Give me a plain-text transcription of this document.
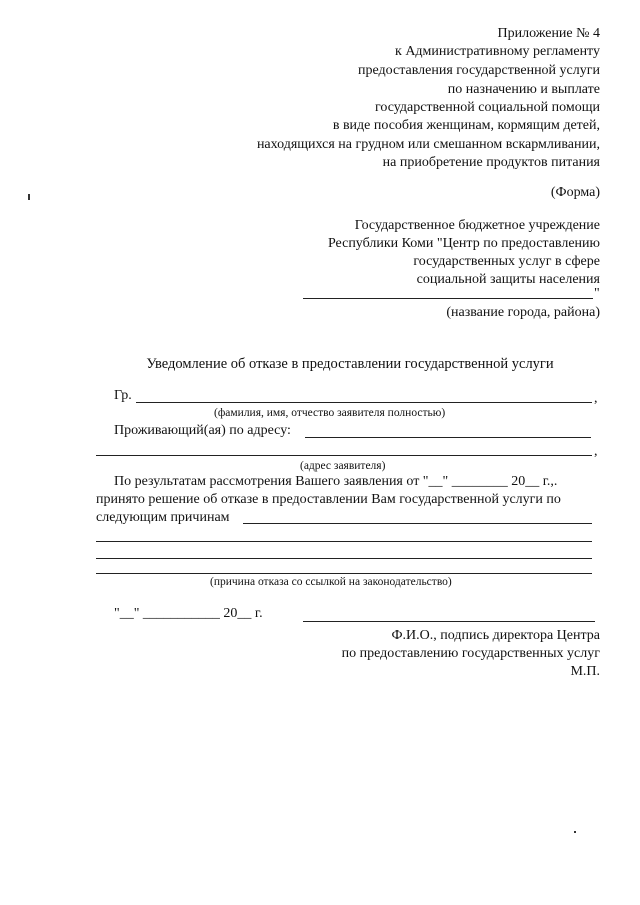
Приложение № 4
к Административному регламенту
предоставления государственной услуги
по назначению и выплате
государственной социальной помощи
в виде пособия женщинам, кормящим детей,
находящихся на грудном или смешанном вскармливании,
на приобретение продуктов питания
(Форма)
Государственное бюджетное учреждение
Республики Коми "Центр по предоставлению
государственных услуг в сфере
социальной защиты населения
"
(название города, района)
Уведомление об отказе в предоставлении государственной услуги
Гр.	,
(фамилия, имя, отчество заявителя полностью)
Проживающий(ая) по адресу:
,
(адрес заявителя)
По результатам рассмотрения Вашего заявления от "__" ________ 20__ г.,.
принято решение об отказе в предоставлении Вам государственной услуги по
следующим причинам
(причина отказа со ссылкой на законодательство)
"__" ___________ 20__ г.
Ф.И.О., подпись директора Центра
по предоставлению государственных услуг
М.П.
